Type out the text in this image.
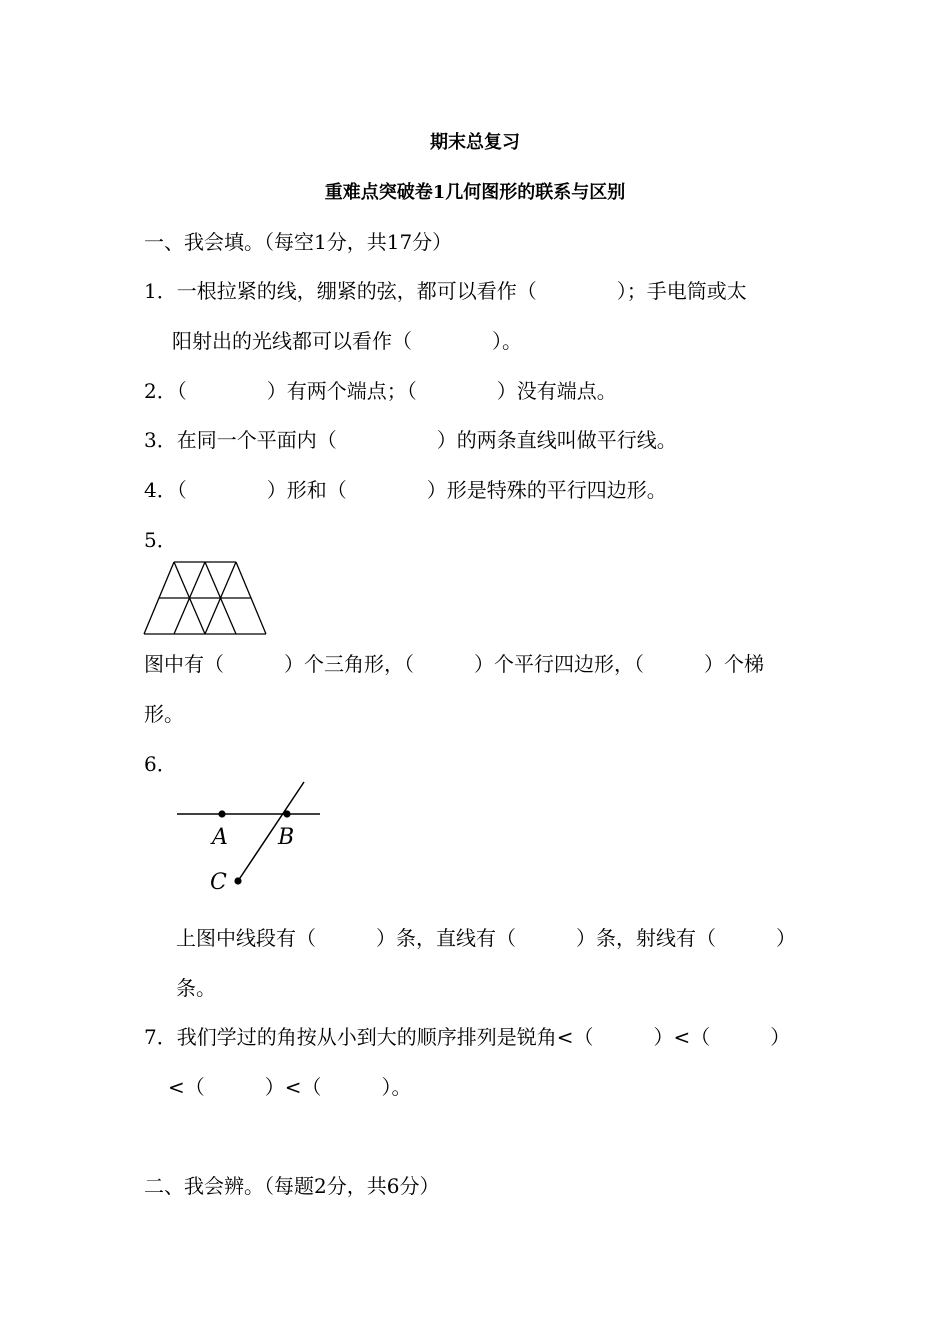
期末总复习
重难点突破卷1几何图形的联系与区别
一、我会填。（每空1分，共17分）
1．一根拉紧的线，绷紧的弦，都可以看作（　　　　）；手电筒或太
阳射出的光线都可以看作（　　　　）。
2．（　　　　）有两个端点；（　　　　）没有端点。
3．在同一个平面内（　　　　　）的两条直线叫做平行线。
4．（　　　　）形和（　　　　）形是特殊的平行四边形。
5．
图中有（　　　）个三角形，（　　　）个平行四边形，（　　　）个梯
形。
6．
A B
C
上图中线段有（　　　）条，直线有（　　　）条，射线有（　　　）
条。
7．我们学过的角按从小到大的顺序排列是锐角<（　　　）<（　　　）
<（　　　）<（　　　）。
二、我会辨。（每题2分，共6分）
